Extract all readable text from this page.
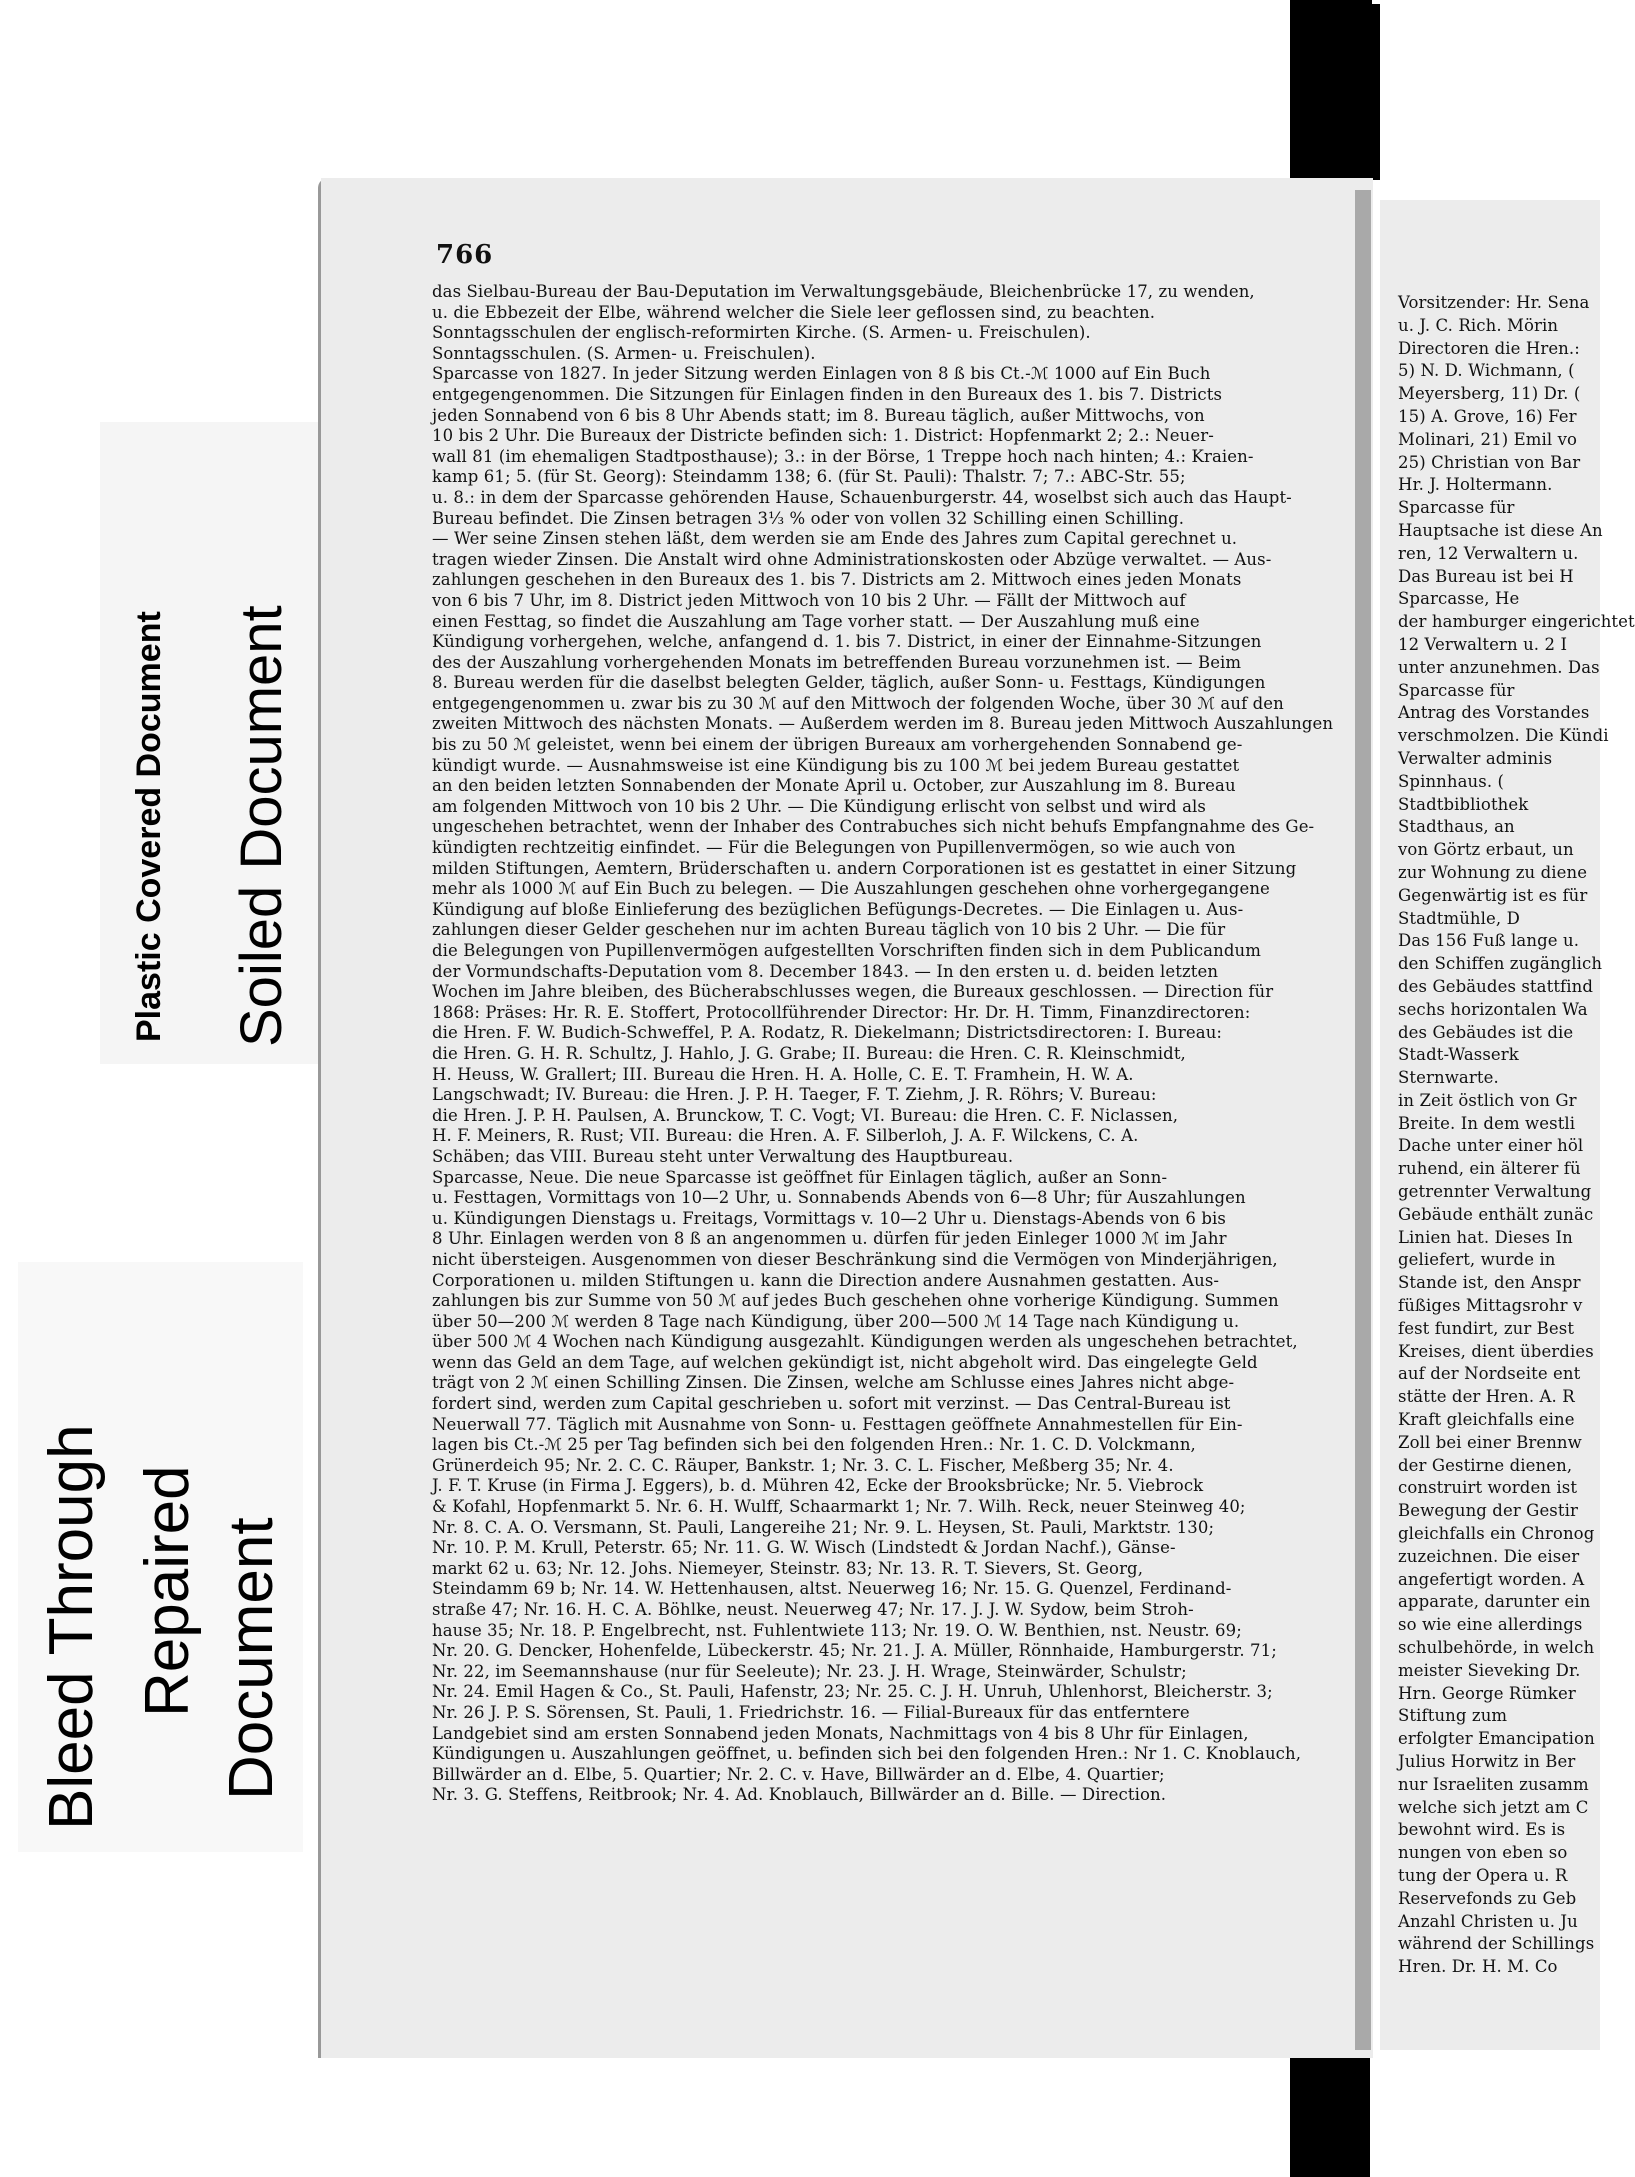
Plastic Covered Document Soiled Document
Bleed Through Repaired Document
766
das Sielbau-Bureau der Bau-Deputation im Verwaltungsgebäude, Bleichenbrücke 17, zu wenden,
u. die Ebbezeit der Elbe, während welcher die Siele leer geflossen sind, zu beachten.
Sonntagsschulen der englisch-reformirten Kirche. (S. Armen- u. Freischulen).
Sonntagsschulen. (S. Armen- u. Freischulen).
Sparcasse von 1827. In jeder Sitzung werden Einlagen von 8 ß bis Ct.-ℳ 1000 auf Ein Buch
entgegengenommen. Die Sitzungen für Einlagen finden in den Bureaux des 1. bis 7. Districts
jeden Sonnabend von 6 bis 8 Uhr Abends statt; im 8. Bureau täglich, außer Mittwochs, von
10 bis 2 Uhr. Die Bureaux der Districte befinden sich: 1. District: Hopfenmarkt 2; 2.: Neuer-
wall 81 (im ehemaligen Stadtposthause); 3.: in der Börse, 1 Treppe hoch nach hinten; 4.: Kraien-
kamp 61; 5. (für St. Georg): Steindamm 138; 6. (für St. Pauli): Thalstr. 7; 7.: ABC-Str. 55;
u. 8.: in dem der Sparcasse gehörenden Hause, Schauenburgerstr. 44, woselbst sich auch das Haupt-
Bureau befindet. Die Zinsen betragen 3⅓ % oder von vollen 32 Schilling einen Schilling.
— Wer seine Zinsen stehen läßt, dem werden sie am Ende des Jahres zum Capital gerechnet u.
tragen wieder Zinsen. Die Anstalt wird ohne Administrationskosten oder Abzüge verwaltet. — Aus-
zahlungen geschehen in den Bureaux des 1. bis 7. Districts am 2. Mittwoch eines jeden Monats
von 6 bis 7 Uhr, im 8. District jeden Mittwoch von 10 bis 2 Uhr. — Fällt der Mittwoch auf
einen Festtag, so findet die Auszahlung am Tage vorher statt. — Der Auszahlung muß eine
Kündigung vorhergehen, welche, anfangend d. 1. bis 7. District, in einer der Einnahme-Sitzungen
des der Auszahlung vorhergehenden Monats im betreffenden Bureau vorzunehmen ist. — Beim
8. Bureau werden für die daselbst belegten Gelder, täglich, außer Sonn- u. Festtags, Kündigungen
entgegengenommen u. zwar bis zu 30 ℳ auf den Mittwoch der folgenden Woche, über 30 ℳ auf den
zweiten Mittwoch des nächsten Monats. — Außerdem werden im 8. Bureau jeden Mittwoch Auszahlungen
bis zu 50 ℳ geleistet, wenn bei einem der übrigen Bureaux am vorhergehenden Sonnabend ge-
kündigt wurde. — Ausnahmsweise ist eine Kündigung bis zu 100 ℳ bei jedem Bureau gestattet
an den beiden letzten Sonnabenden der Monate April u. October, zur Auszahlung im 8. Bureau
am folgenden Mittwoch von 10 bis 2 Uhr. — Die Kündigung erlischt von selbst und wird als
ungeschehen betrachtet, wenn der Inhaber des Contrabuches sich nicht behufs Empfangnahme des Ge-
kündigten rechtzeitig einfindet. — Für die Belegungen von Pupillenvermögen, so wie auch von
milden Stiftungen, Aemtern, Brüderschaften u. andern Corporationen ist es gestattet in einer Sitzung
mehr als 1000 ℳ auf Ein Buch zu belegen. — Die Auszahlungen geschehen ohne vorhergegangene
Kündigung auf bloße Einlieferung des bezüglichen Befügungs-Decretes. — Die Einlagen u. Aus-
zahlungen dieser Gelder geschehen nur im achten Bureau täglich von 10 bis 2 Uhr. — Die für
die Belegungen von Pupillenvermögen aufgestellten Vorschriften finden sich in dem Publicandum
der Vormundschafts-Deputation vom 8. December 1843. — In den ersten u. d. beiden letzten
Wochen im Jahre bleiben, des Bücherabschlusses wegen, die Bureaux geschlossen. — Direction für
1868: Präses: Hr. R. E. Stoffert, Protocollführender Director: Hr. Dr. H. Timm, Finanzdirectoren:
die Hren. F. W. Budich-Schweffel, P. A. Rodatz, R. Diekelmann; Districtsdirectoren: I. Bureau:
die Hren. G. H. R. Schultz, J. Hahlo, J. G. Grabe; II. Bureau: die Hren. C. R. Kleinschmidt,
H. Heuss, W. Grallert; III. Bureau die Hren. H. A. Holle, C. E. T. Framhein, H. W. A.
Langschwadt; IV. Bureau: die Hren. J. P. H. Taeger, F. T. Ziehm, J. R. Röhrs; V. Bureau:
die Hren. J. P. H. Paulsen, A. Brunckow, T. C. Vogt; VI. Bureau: die Hren. C. F. Niclassen,
H. F. Meiners, R. Rust; VII. Bureau: die Hren. A. F. Silberloh, J. A. F. Wilckens, C. A.
Schäben; das VIII. Bureau steht unter Verwaltung des Hauptbureau.
Sparcasse, Neue. Die neue Sparcasse ist geöffnet für Einlagen täglich, außer an Sonn-
u. Festtagen, Vormittags von 10—2 Uhr, u. Sonnabends Abends von 6—8 Uhr; für Auszahlungen
u. Kündigungen Dienstags u. Freitags, Vormittags v. 10—2 Uhr u. Dienstags-Abends von 6 bis
8 Uhr. Einlagen werden von 8 ß an angenommen u. dürfen für jeden Einleger 1000 ℳ im Jahr
nicht übersteigen. Ausgenommen von dieser Beschränkung sind die Vermögen von Minderjährigen,
Corporationen u. milden Stiftungen u. kann die Direction andere Ausnahmen gestatten. Aus-
zahlungen bis zur Summe von 50 ℳ auf jedes Buch geschehen ohne vorherige Kündigung. Summen
über 50—200 ℳ werden 8 Tage nach Kündigung, über 200—500 ℳ 14 Tage nach Kündigung u.
über 500 ℳ 4 Wochen nach Kündigung ausgezahlt. Kündigungen werden als ungeschehen betrachtet,
wenn das Geld an dem Tage, auf welchen gekündigt ist, nicht abgeholt wird. Das eingelegte Geld
trägt von 2 ℳ einen Schilling Zinsen. Die Zinsen, welche am Schlusse eines Jahres nicht abge-
fordert sind, werden zum Capital geschrieben u. sofort mit verzinst. — Das Central-Bureau ist
Neuerwall 77. Täglich mit Ausnahme von Sonn- u. Festtagen geöffnete Annahmestellen für Ein-
lagen bis Ct.-ℳ 25 per Tag befinden sich bei den folgenden Hren.: Nr. 1. C. D. Volckmann,
Grünerdeich 95; Nr. 2. C. C. Räuper, Bankstr. 1; Nr. 3. C. L. Fischer, Meßberg 35; Nr. 4.
J. F. T. Kruse (in Firma J. Eggers), b. d. Mühren 42, Ecke der Brooksbrücke; Nr. 5. Viebrock
& Kofahl, Hopfenmarkt 5. Nr. 6. H. Wulff, Schaarmarkt 1; Nr. 7. Wilh. Reck, neuer Steinweg 40;
Nr. 8. C. A. O. Versmann, St. Pauli, Langereihe 21; Nr. 9. L. Heysen, St. Pauli, Marktstr. 130;
Nr. 10. P. M. Krull, Peterstr. 65; Nr. 11. G. W. Wisch (Lindstedt & Jordan Nachf.), Gänse-
markt 62 u. 63; Nr. 12. Johs. Niemeyer, Steinstr. 83; Nr. 13. R. T. Sievers, St. Georg,
Steindamm 69 b; Nr. 14. W. Hettenhausen, altst. Neuerweg 16; Nr. 15. G. Quenzel, Ferdinand-
straße 47; Nr. 16. H. C. A. Böhlke, neust. Neuerweg 47; Nr. 17. J. J. W. Sydow, beim Stroh-
hause 35; Nr. 18. P. Engelbrecht, nst. Fuhlentwiete 113; Nr. 19. O. W. Benthien, nst. Neustr. 69;
Nr. 20. G. Dencker, Hohenfelde, Lübeckerstr. 45; Nr. 21. J. A. Müller, Rönnhaide, Hamburgerstr. 71;
Nr. 22, im Seemannshause (nur für Seeleute); Nr. 23. J. H. Wrage, Steinwärder, Schulstr;
Nr. 24. Emil Hagen & Co., St. Pauli, Hafenstr, 23; Nr. 25. C. J. H. Unruh, Uhlenhorst, Bleicherstr. 3;
Nr. 26 J. P. S. Sörensen, St. Pauli, 1. Friedrichstr. 16. — Filial-Bureaux für das entferntere
Landgebiet sind am ersten Sonnabend jeden Monats, Nachmittags von 4 bis 8 Uhr für Einlagen,
Kündigungen u. Auszahlungen geöffnet, u. befinden sich bei den folgenden Hren.: Nr 1. C. Knoblauch,
Billwärder an d. Elbe, 5. Quartier; Nr. 2. C. v. Have, Billwärder an d. Elbe, 4. Quartier;
Nr. 3. G. Steffens, Reitbrook; Nr. 4. Ad. Knoblauch, Billwärder an d. Bille. — Direction.
Vorsitzender: Hr. Sena
u. J. C. Rich. Mörin
Directoren die Hren.:
5) N. D. Wichmann, (
Meyersberg, 11) Dr. (
15) A. Grove, 16) Fer
Molinari, 21) Emil vo
25) Christian von Bar
Hr. J. Holtermann.
Sparcasse für
Hauptsache ist diese An
ren, 12 Verwaltern u.
Das Bureau ist bei H
Sparcasse, He
der hamburger eingerichtet
12 Verwaltern u. 2 I
unter anzunehmen. Das
Sparcasse für
Antrag des Vorstandes
verschmolzen. Die Kündi
Verwalter adminis
Spinnhaus. (
Stadtbibliothek
Stadthaus, an
von Görtz erbaut, un
zur Wohnung zu diene
Gegenwärtig ist es für
Stadtmühle, D
Das 156 Fuß lange u.
den Schiffen zugänglich
des Gebäudes stattfind
sechs horizontalen Wa
des Gebäudes ist die
Stadt-Wasserk
Sternwarte.
in Zeit östlich von Gr
Breite. In dem westli
Dache unter einer höl
ruhend, ein älterer fü
getrennter Verwaltung
Gebäude enthält zunäc
Linien hat. Dieses In
geliefert, wurde in
Stande ist, den Anspr
füßiges Mittagsrohr v
fest fundirt, zur Best
Kreises, dient überdies
auf der Nordseite ent
stätte der Hren. A. R
Kraft gleichfalls eine
Zoll bei einer Brennw
der Gestirne dienen,
construirt worden ist
Bewegung der Gestir
gleichfalls ein Chronog
zuzeichnen. Die eiser
angefertigt worden. A
apparate, darunter ein
so wie eine allerdings
schulbehörde, in welch
meister Sieveking Dr.
Hrn. George Rümker
Stiftung zum
erfolgter Emancipation
Julius Horwitz in Ber
nur Israeliten zusamm
welche sich jetzt am C
bewohnt wird. Es is
nungen von eben so
tung der Opera u. R
Reservefonds zu Geb
Anzahl Christen u. Ju
während der Schillings
Hren. Dr. H. M. Co
